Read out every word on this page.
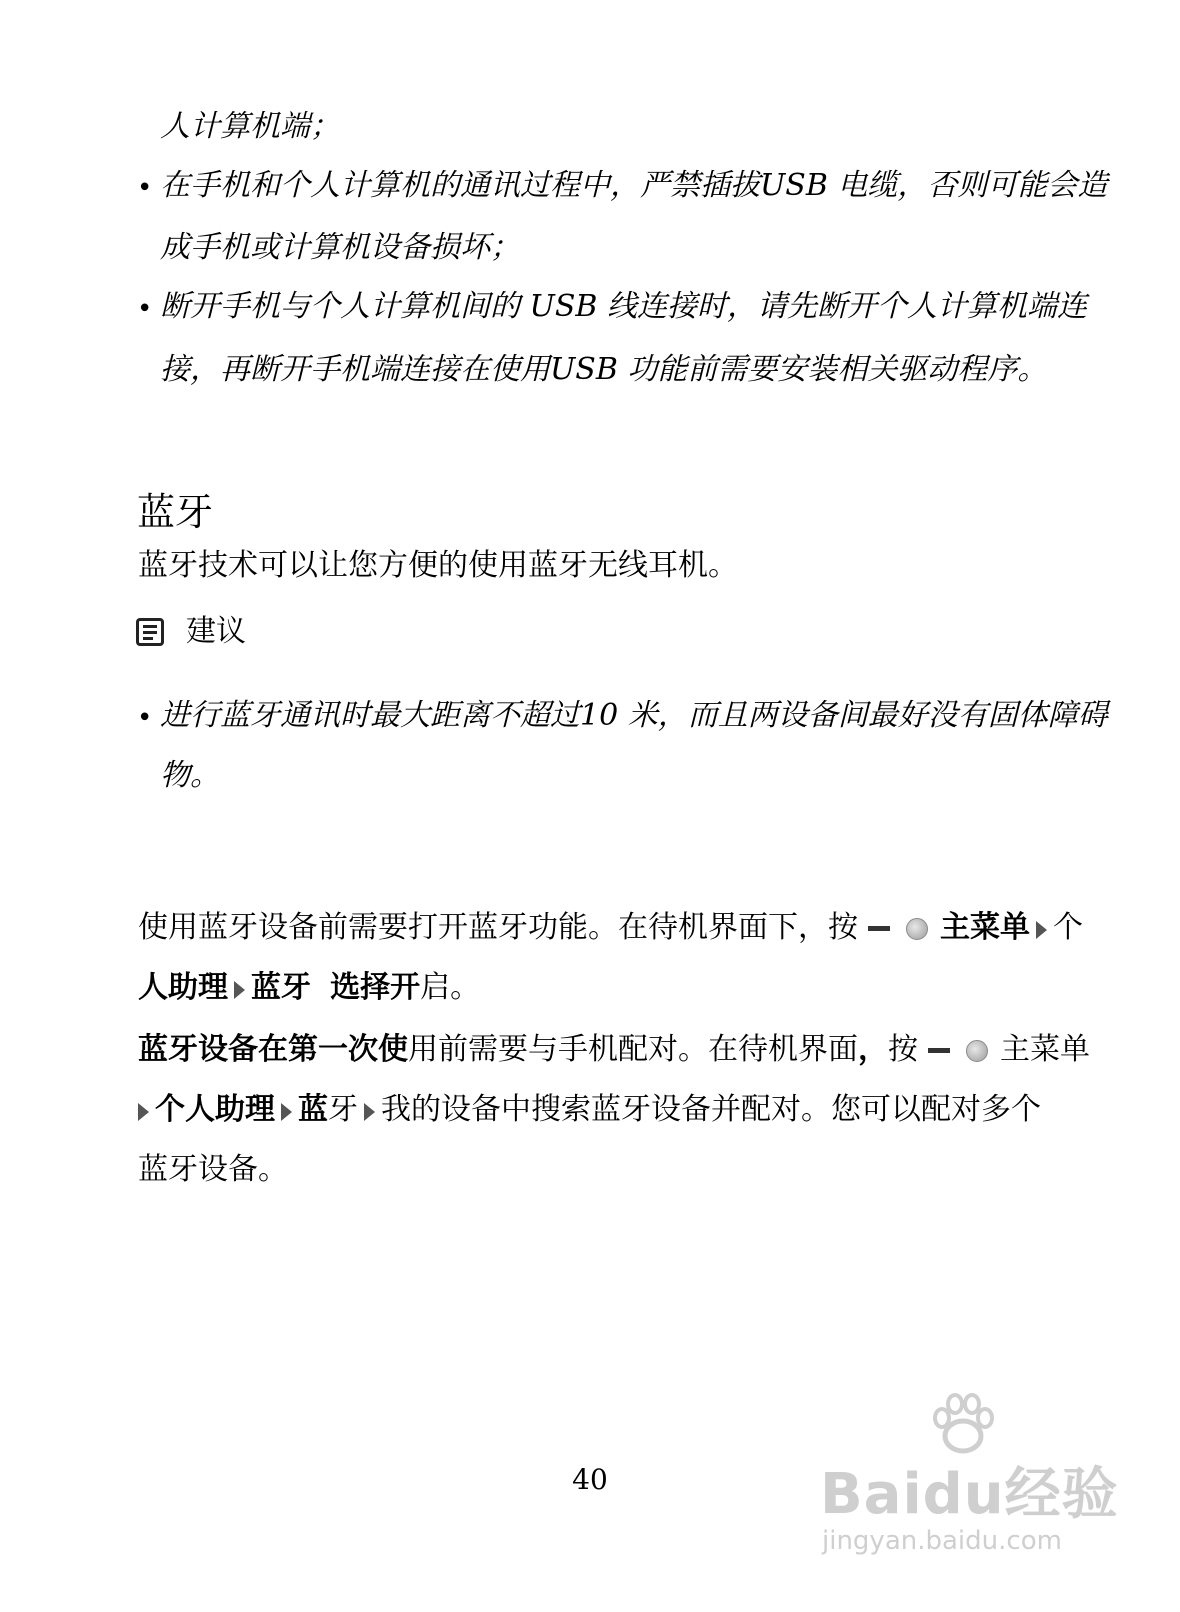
人计算机端；
• 在手机和个人计算机的通讯过程中，严禁插拔USB 电缆，否则可能会造
成手机或计算机设备损坏；
• 断开手机与个人计算机间的 USB 线连接时，请先断开个人计算机端连
接，再断开手机端连接在使用USB 功能前需要安装相关驱动程序。
蓝牙
蓝牙技术可以让您方便的使用蓝牙无线耳机。
建议
• 进行蓝牙通讯时最大距离不超过10 米，而且两设备间最好没有固体障碍
物。
使用蓝牙设备前需要打开蓝牙功能。在待机界面下，按	主菜单 个
人助理 蓝牙 选择开启。
蓝牙设备在第一次使用前需要与手机配对。在待机界面，按	主菜单
个人助理 蓝牙 我的设备中搜索蓝牙设备并配对。您可以配对多个
蓝牙设备。
40	Baidu经验
jingyan.baidu.com
